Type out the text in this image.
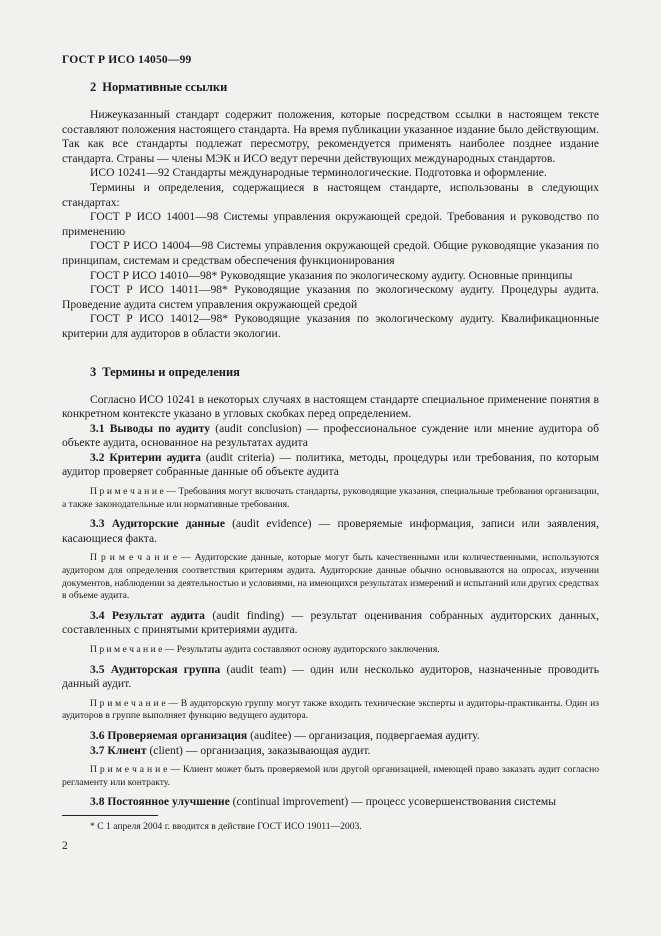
ГОСТ Р ИСО 14050—99
2 Нормативные ссылки

Нижеуказанный стандарт содержит положения, которые посредством ссылки в настоящем тексте составляют положения настоящего стандарта. На время публикации указанное издание было действующим. Так как все стандарты подлежат пересмотру, рекомендуется применять наиболее позднее издание стандарта. Страны — члены МЭК и ИСО ведут перечни действующих международных стандартов.

ИСО 10241—92 Стандарты международные терминологические. Подготовка и оформление.

Термины и определения, содержащиеся в настоящем стандарте, использованы в следующих стандартах:

ГОСТ Р ИСО 14001—98 Системы управления окружающей средой. Требования и руководство по применению

ГОСТ Р ИСО 14004—98 Системы управления окружающей средой. Общие руководящие указания по принципам, системам и средствам обеспечения функционирования

ГОСТ Р ИСО 14010—98* Руководящие указания по экологическому аудиту. Основные принципы

ГОСТ Р ИСО 14011—98* Руководящие указания по экологическому аудиту. Процедуры аудита. Проведение аудита систем управления окружающей средой

ГОСТ Р ИСО 14012—98* Руководящие указания по экологическому аудиту. Квалификационные критерии для аудиторов в области экологии.

3 Термины и определения

Согласно ИСО 10241 в некоторых случаях в настоящем стандарте специальное применение понятия в конкретном контексте указано в угловых скобках перед определением.

3.1 Выводы по аудиту (audit conclusion) — профессиональное суждение или мнение аудитора об объекте аудита, основанное на результатах аудита

3.2 Критерии аудита (audit criteria) — политика, методы, процедуры или требования, по которым аудитор проверяет собранные данные об объекте аудита

П р и м е ч а н и е — Требования могут включать стандарты, руководящие указания, специальные требования организации, а также законодательные или нормативные требования.

3.3 Аудиторские данные (audit evidence) — проверяемые информация, записи или заявления, касающиеся факта.

П р и м е ч а н и е — Аудиторские данные, которые могут быть качественными или количественными, используются аудитором для определения соответствия критериям аудита. Аудиторские данные обычно основываются на опросах, изучении документов, наблюдении за деятельностью и условиями, на имеющихся результатах измерений и испытаний или других средствах в объеме аудита.

3.4 Результат аудита (audit finding) — результат оценивания собранных аудиторских данных, составленных с принятыми критериями аудита.

П р и м е ч а н и е — Результаты аудита составляют основу аудиторского заключения.

3.5 Аудиторская группа (audit team) — один или несколько аудиторов, назначенные проводить данный аудит.

П р и м е ч а н и е — В аудиторскую группу могут также входить технические эксперты и аудиторы-практиканты. Один из аудиторов в группе выполняет функцию ведущего аудитора.

3.6 Проверяемая организация (auditee) — организация, подвергаемая аудиту.

3.7 Клиент (client) — организация, заказывающая аудит.

П р и м е ч а н и е — Клиент может быть проверяемой или другой организацией, имеющей право заказать аудит согласно регламенту или контракту.

3.8 Постоянное улучшение (continual improvement) — процесс усовершенствования системы

* С 1 апреля 2004 г. вводится в действие ГОСТ ИСО 19011—2003.
2
